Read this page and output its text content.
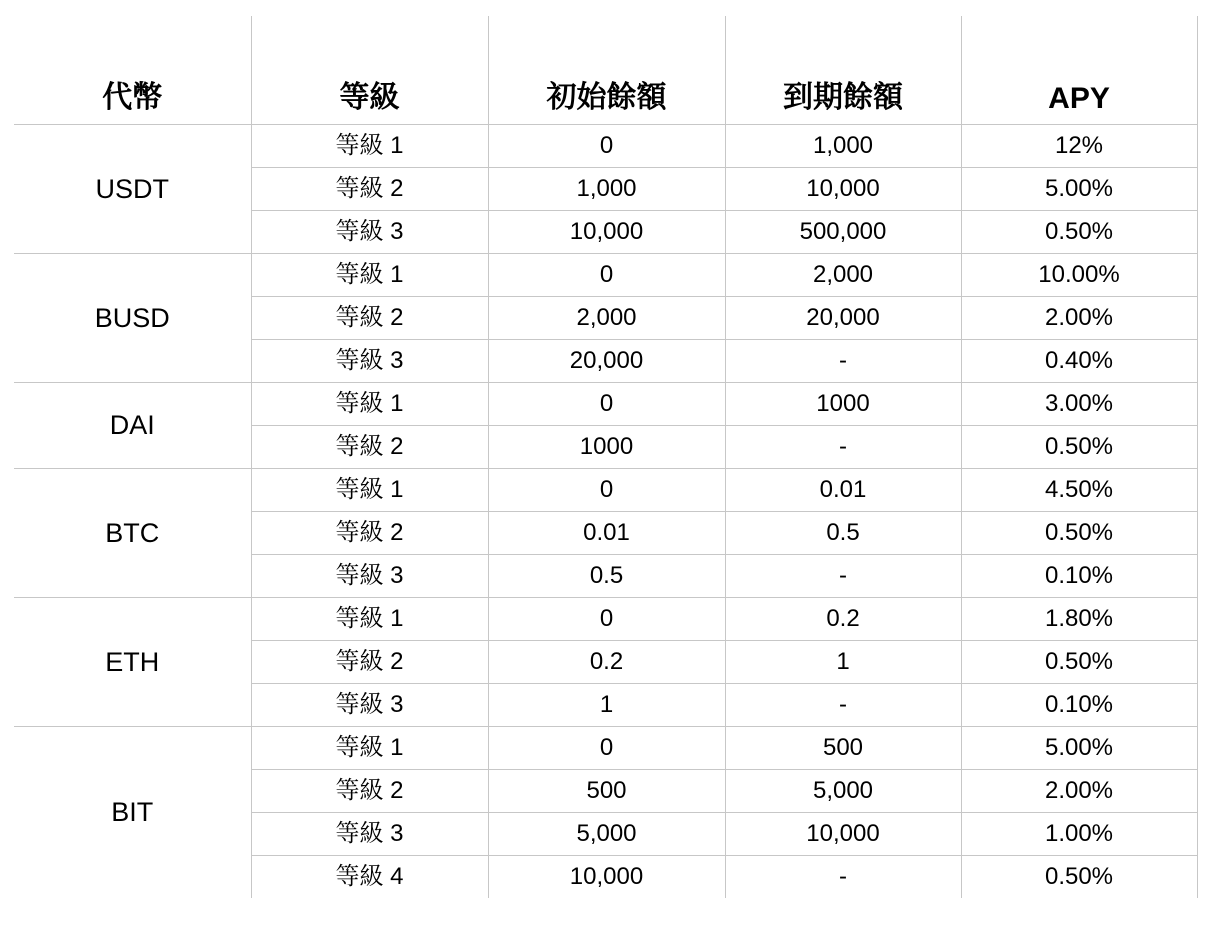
代幣	等級	初始餘額	到期餘額	APY
USDT	等級 1	0	1,000	12%
	等級 2	1,000	10,000	5.00%
	等級 3	10,000	500,000	0.50%
BUSD	等級 1	0	2,000	10.00%
	等級 2	2,000	20,000	2.00%
	等級 3	20,000	-	0.40%
DAI	等級 1	0	1000	3.00%
	等級 2	1000	-	0.50%
BTC	等級 1	0	0.01	4.50%
	等級 2	0.01	0.5	0.50%
	等級 3	0.5	-	0.10%
ETH	等級 1	0	0.2	1.80%
	等級 2	0.2	1	0.50%
	等級 3	1	-	0.10%
BIT	等級 1	0	500	5.00%
	等級 2	500	5,000	2.00%
	等級 3	5,000	10,000	1.00%
	等級 4	10,000	-	0.50%
